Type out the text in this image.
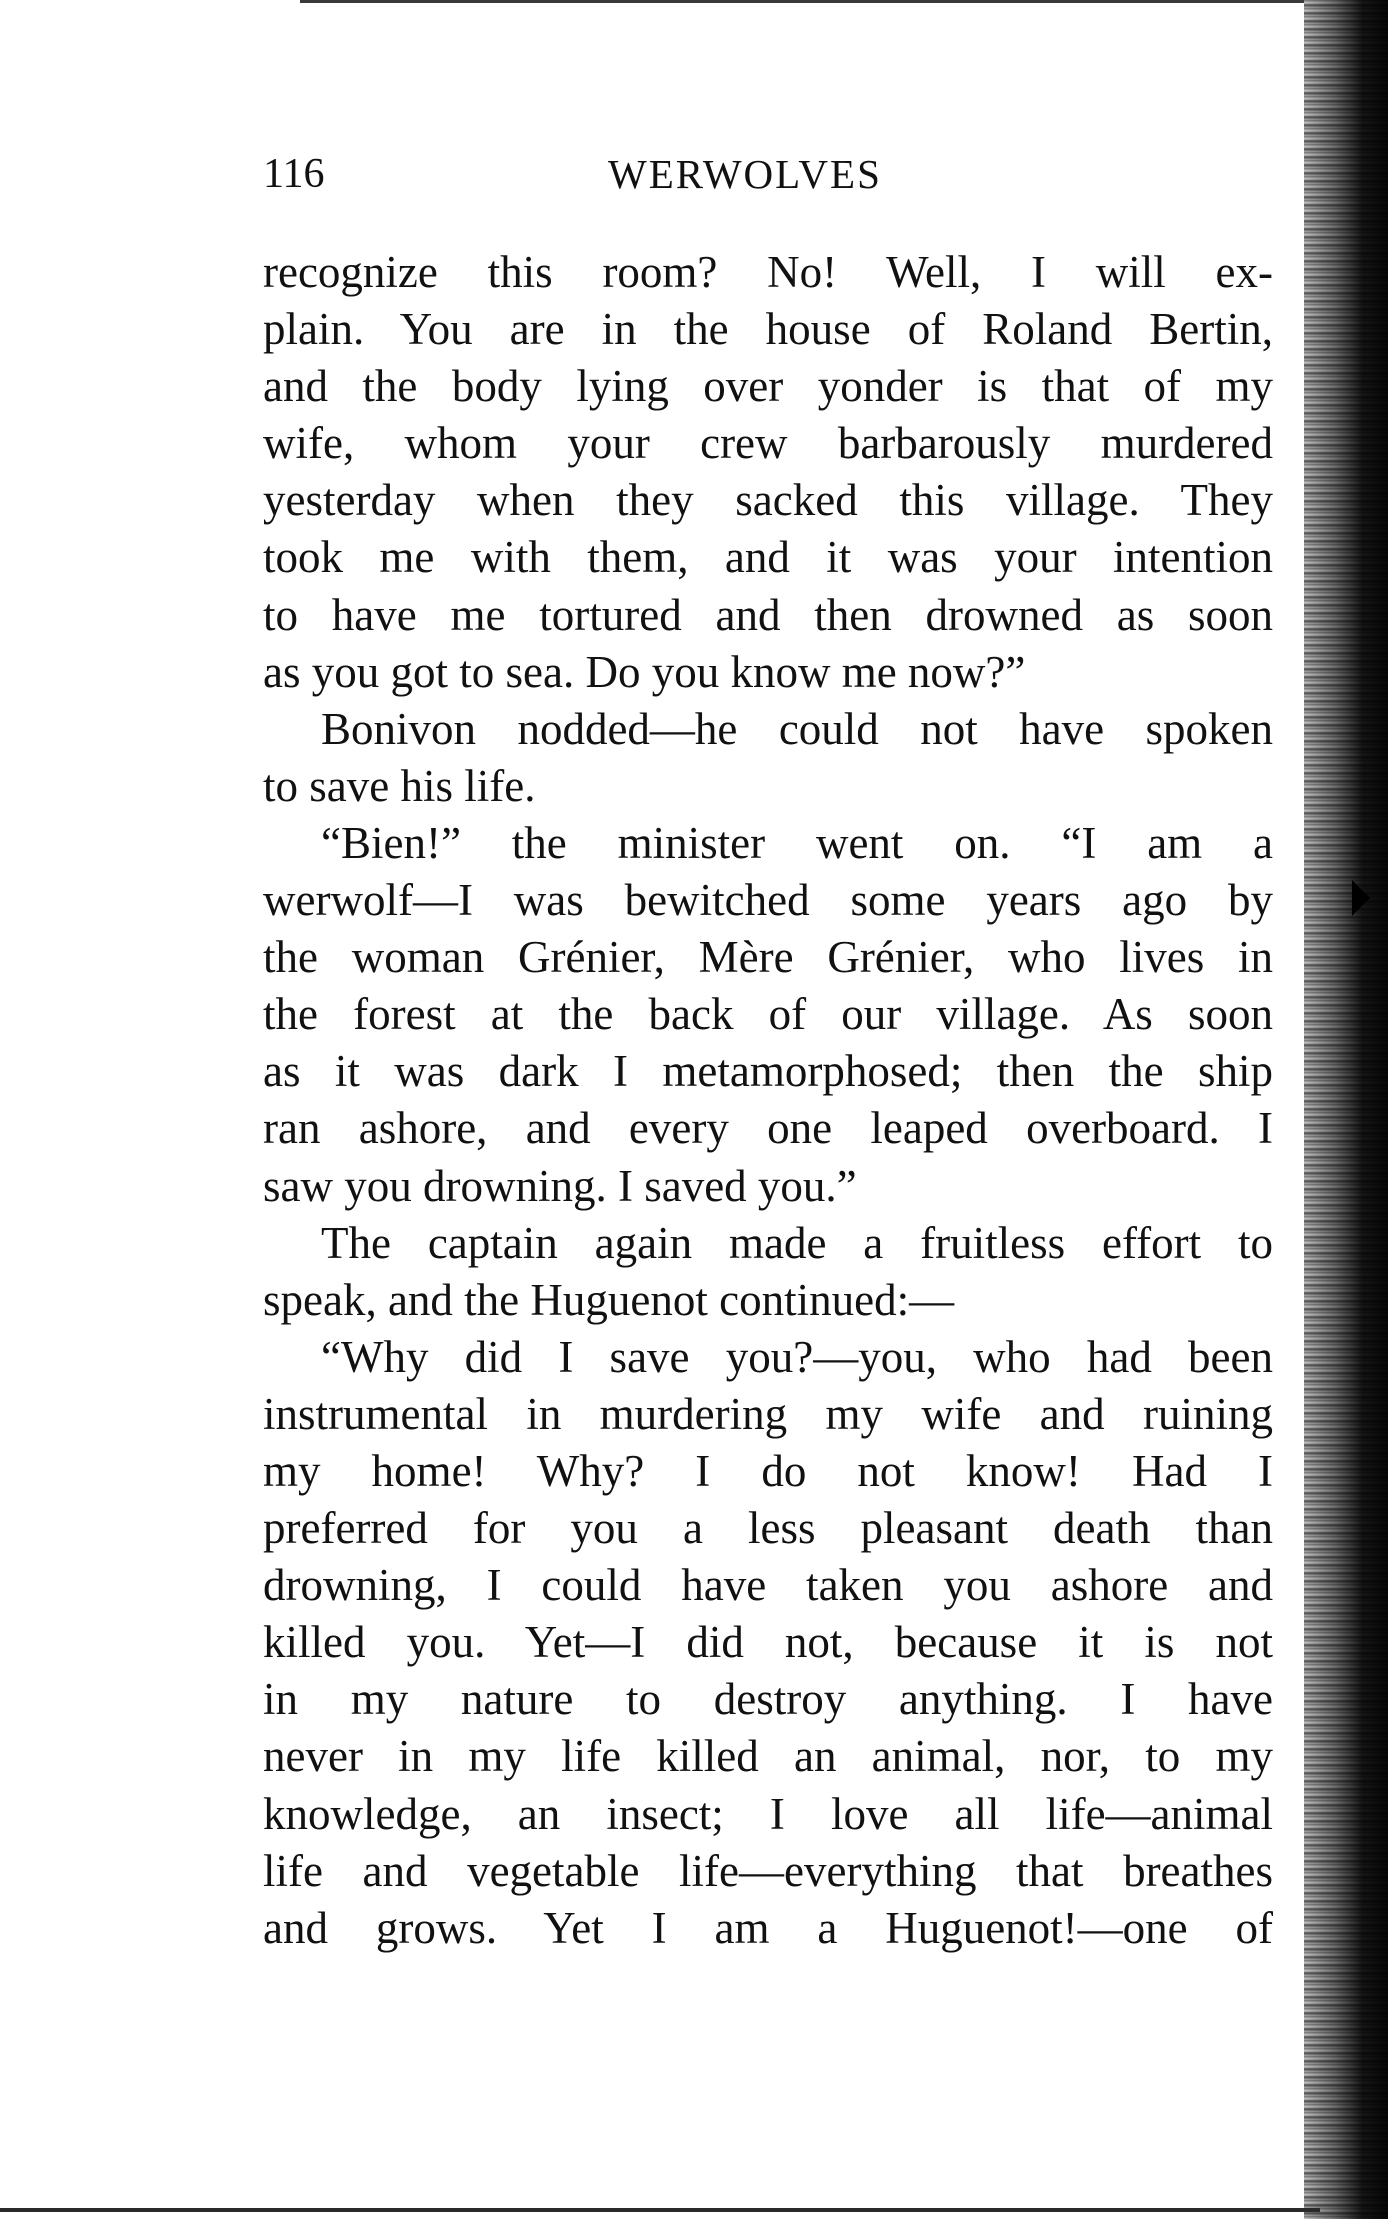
116	WERWOLVES
recognize this room? No! Well, I will ex-
plain. You are in the house of Roland Bertin,
and the body lying over yonder is that of my
wife, whom your crew barbarously murdered
yesterday when they sacked this village. They
took me with them, and it was your intention
to have me tortured and then drowned as soon
as you got to sea. Do you know me now?”
Bonivon nodded—he could not have spoken
to save his life.
“Bien!” the minister went on. “I am a
werwolf—I was bewitched some years ago by
the woman Grénier, Mère Grénier, who lives in
the forest at the back of our village. As soon
as it was dark I metamorphosed; then the ship
ran ashore, and every one leaped overboard. I
saw you drowning. I saved you.”
The captain again made a fruitless effort to
speak, and the Huguenot continued:—
“Why did I save you?—you, who had been
instrumental in murdering my wife and ruining
my home! Why? I do not know! Had I
preferred for you a less pleasant death than
drowning, I could have taken you ashore and
killed you. Yet—I did not, because it is not
in my nature to destroy anything. I have
never in my life killed an animal, nor, to my
knowledge, an insect; I love all life—animal
life and vegetable life—everything that breathes
and grows. Yet I am a Huguenot!—one of
